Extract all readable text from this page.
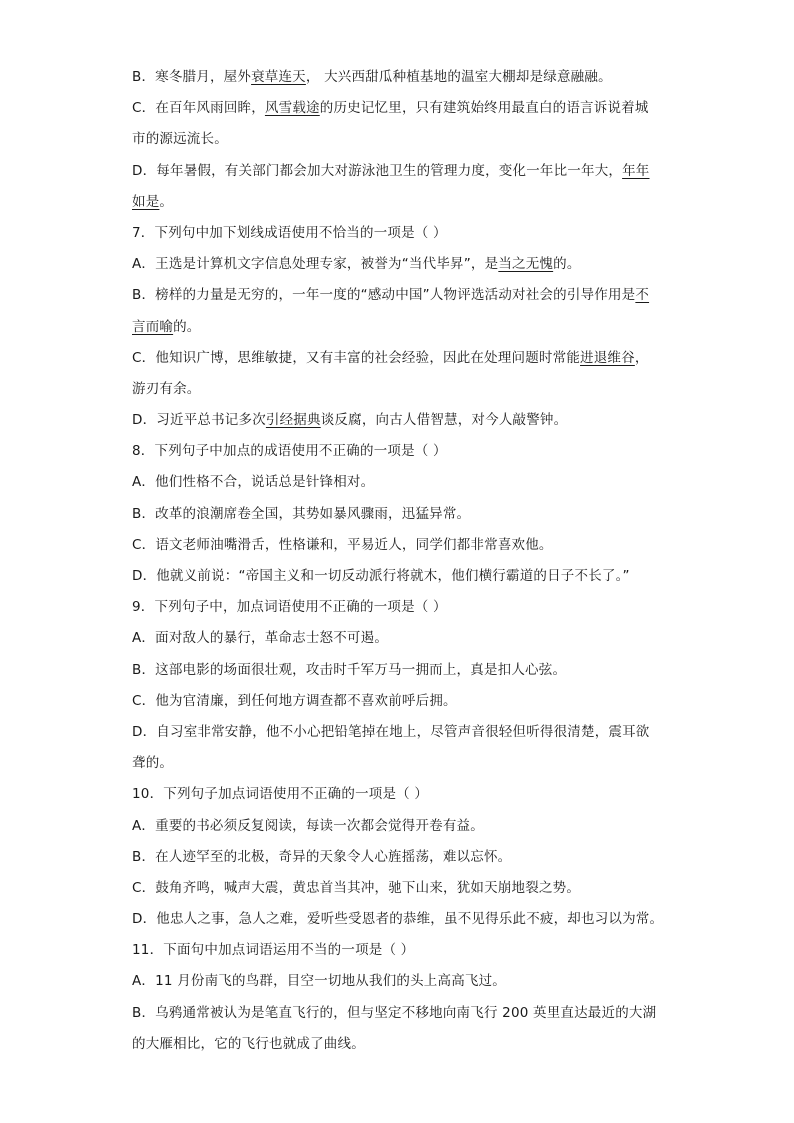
B．寒冬腊月，屋外衰草连天， 大兴西甜瓜种植基地的温室大棚却是绿意融融。
C．在百年风雨回眸，风雪载途的历史记忆里，只有建筑始终用最直白的语言诉说着城
市的源远流长。
D．每年暑假，有关部门都会加大对游泳池卫生的管理力度，变化一年比一年大，年年
如是。
7．下列句中加下划线成语使用不恰当的一项是（ ）
A．王选是计算机文字信息处理专家，被誉为“当代毕昇”，是当之无愧的。
B．榜样的力量是无穷的，一年一度的“感动中国”人物评选活动对社会的引导作用是不
言而喻的。
C．他知识广博，思维敏捷，又有丰富的社会经验，因此在处理问题时常能进退维谷，
游刃有余。
D．习近平总书记多次引经据典谈反腐，向古人借智慧，对今人敲警钟。
8．下列句子中加点的成语使用不正确的一项是（ ）
A．他们性格不合，说话总是针锋相对。
B．改革的浪潮席卷全国，其势如暴风骤雨，迅猛异常。
C．语文老师油嘴滑舌，性格谦和，平易近人，同学们都非常喜欢他。
D．他就义前说：“帝国主义和一切反动派行将就木，他们横行霸道的日子不长了。”
9．下列句子中，加点词语使用不正确的一项是（ ）
A．面对敌人的暴行，革命志士怒不可遏。
B．这部电影的场面很壮观，攻击时千军万马一拥而上，真是扣人心弦。
C．他为官清廉，到任何地方调查都不喜欢前呼后拥。
D．自习室非常安静，他不小心把铅笔掉在地上，尽管声音很轻但听得很清楚，震耳欲
聋的。
10．下列句子加点词语使用不正确的一项是（ ）
A．重要的书必须反复阅读，每读一次都会觉得开卷有益。
B．在人迹罕至的北极，奇异的天象令人心旌摇荡，难以忘怀。
C．鼓角齐鸣，喊声大震，黄忠首当其冲，驰下山来，犹如天崩地裂之势。
D．他忠人之事，急人之难，爱听些受恩者的恭维，虽不见得乐此不疲，却也习以为常。
11．下面句中加点词语运用不当的一项是（ ）
A．11 月份南飞的鸟群，目空一切地从我们的头上高高飞过。
B．乌鸦通常被认为是笔直飞行的，但与坚定不移地向南飞行 200 英里直达最近的大湖
的大雁相比，它的飞行也就成了曲线。
